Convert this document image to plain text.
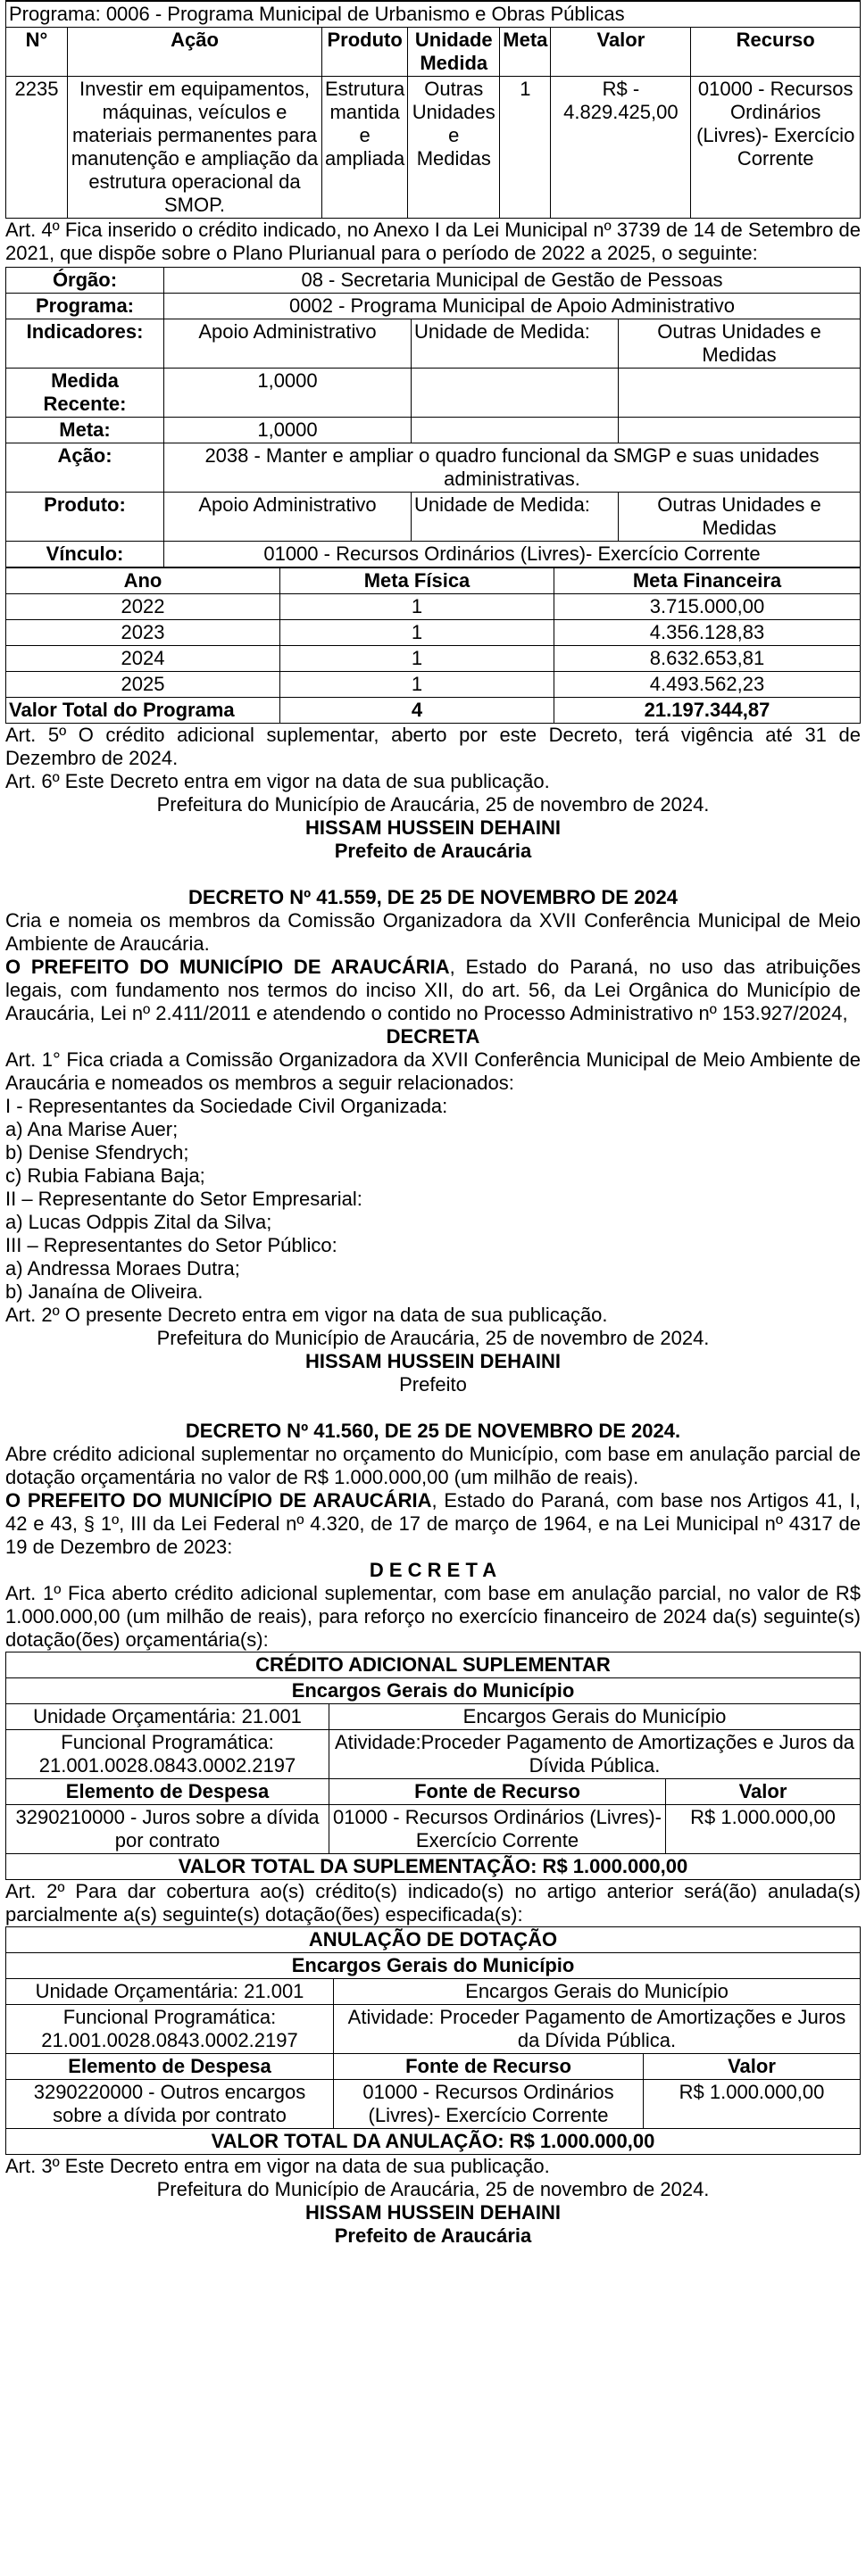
Programa: 0006 - Programa Municipal de Urbanismo e Obras Públicas						
N°	Ação	Produto	Unidade Medida	Meta	Valor	Recurso
2235	Investir em equipamentos, máquinas, veículos e materiais permanentes para manutenção e ampliação da estrutura operacional da SMOP.	Estrutura mantida e ampliada	Outras Unidades e Medidas	1	R$ - 4.829.425,00	01000 - Recursos Ordinários (Livres)- Exercício Corrente

Art. 4º Fica inserido o crédito indicado, no Anexo I da Lei Municipal nº 3739 de 14 de Setembro de 2021, que dispõe sobre o Plano Plurianual para o período de 2022 a 2025, o seguinte:

Órgão:	08 - Secretaria Municipal de Gestão de Pessoas		
Programa:	0002 - Programa Municipal de Apoio Administrativo		
Indicadores:	Apoio Administrativo	Unidade de Medida:	Outras Unidades e Medidas
Medida Recente:	1,0000		
Meta:	1,0000		
Ação:	2038 - Manter e ampliar o quadro funcional da SMGP e suas unidades administrativas.		
Produto:	Apoio Administrativo	Unidade de Medida:	Outras Unidades e Medidas
Vínculo:	01000 - Recursos Ordinários (Livres)- Exercício Corrente		
Ano	Meta Física	Meta Financeira
2022	1	3.715.000,00
2023	1	4.356.128,83
2024	1	8.632.653,81
2025	1	4.493.562,23
Valor Total do Programa	4	21.197.344,87

Art. 5º O crédito adicional suplementar, aberto por este Decreto, terá vigência até 31 de Dezembro de 2024.

Art. 6º Este Decreto entra em vigor na data de sua publicação.

Prefeitura do Município de Araucária, 25 de novembro de 2024.

HISSAM HUSSEIN DEHAINI

Prefeito de Araucária

DECRETO Nº 41.559, DE 25 DE NOVEMBRO DE 2024

Cria e nomeia os membros da Comissão Organizadora da XVII Conferência Municipal de Meio Ambiente de Araucária.

O PREFEITO DO MUNICÍPIO DE ARAUCÁRIA, Estado do Paraná, no uso das atribuições legais, com fundamento nos termos do inciso XII, do art. 56, da Lei Orgânica do Município de Araucária, Lei nº 2.411/2011 e atendendo o contido no Processo Administrativo nº 153.927/2024,

DECRETA

Art. 1° Fica criada a Comissão Organizadora da XVII Conferência Municipal de Meio Ambiente de Araucária e nomeados os membros a seguir relacionados:

I - Representantes da Sociedade Civil Organizada:

a) Ana Marise Auer;

b) Denise Sfendrych;

c) Rubia Fabiana Baja;

II – Representante do Setor Empresarial:

a) Lucas Odppis Zital da Silva;

III – Representantes do Setor Público:

a) Andressa Moraes Dutra;

b) Janaína de Oliveira.

Art. 2º O presente Decreto entra em vigor na data de sua publicação.

Prefeitura do Município de Araucária, 25 de novembro de 2024.

HISSAM HUSSEIN DEHAINI

Prefeito

DECRETO Nº 41.560, DE 25 DE NOVEMBRO DE 2024.

Abre crédito adicional suplementar no orçamento do Município, com base em anulação parcial de dotação orçamentária no valor de R$ 1.000.000,00 (um milhão de reais).

O PREFEITO DO MUNICÍPIO DE ARAUCÁRIA, Estado do Paraná, com base nos Artigos 41, I, 42 e 43, § 1º, III da Lei Federal nº 4.320, de 17 de março de 1964, e na Lei Municipal nº 4317 de 19 de Dezembro de 2023:

D E C R E T A

Art. 1º Fica aberto crédito adicional suplementar, com base em anulação parcial, no valor de R$ 1.000.000,00 (um milhão de reais), para reforço no exercício financeiro de 2024 da(s) seguinte(s) dotação(ões) orçamentária(s):

CRÉDITO ADICIONAL SUPLEMENTAR		
Encargos Gerais do Município		
Unidade Orçamentária: 21.001	Encargos Gerais do Município	
Funcional Programática: 21.001.0028.0843.0002.2197	Atividade:Proceder Pagamento de Amortizações e Juros da Dívida Pública.	
Elemento de Despesa	Fonte de Recurso	Valor
3290210000 - Juros sobre a dívida por contrato	01000 - Recursos Ordinários (Livres)- Exercício Corrente	R$ 1.000.000,00
VALOR TOTAL DA SUPLEMENTAÇÃO: R$ 1.000.000,00		

Art. 2º Para dar cobertura ao(s) crédito(s) indicado(s) no artigo anterior será(ão) anulada(s) parcialmente a(s) seguinte(s) dotação(ões) especificada(s):

ANULAÇÃO DE DOTAÇÃO		
Encargos Gerais do Município		
Unidade Orçamentária: 21.001	Encargos Gerais do Município	
Funcional Programática: 21.001.0028.0843.0002.2197	Atividade: Proceder Pagamento de Amortizações e Juros da Dívida Pública.	
Elemento de Despesa	Fonte de Recurso	Valor
3290220000 - Outros encargos sobre a dívida por contrato	01000 - Recursos Ordinários (Livres)- Exercício Corrente	R$ 1.000.000,00
VALOR TOTAL DA ANULAÇÃO: R$ 1.000.000,00		

Art. 3º Este Decreto entra em vigor na data de sua publicação.

Prefeitura do Município de Araucária, 25 de novembro de 2024.

HISSAM HUSSEIN DEHAINI

Prefeito de Araucária
